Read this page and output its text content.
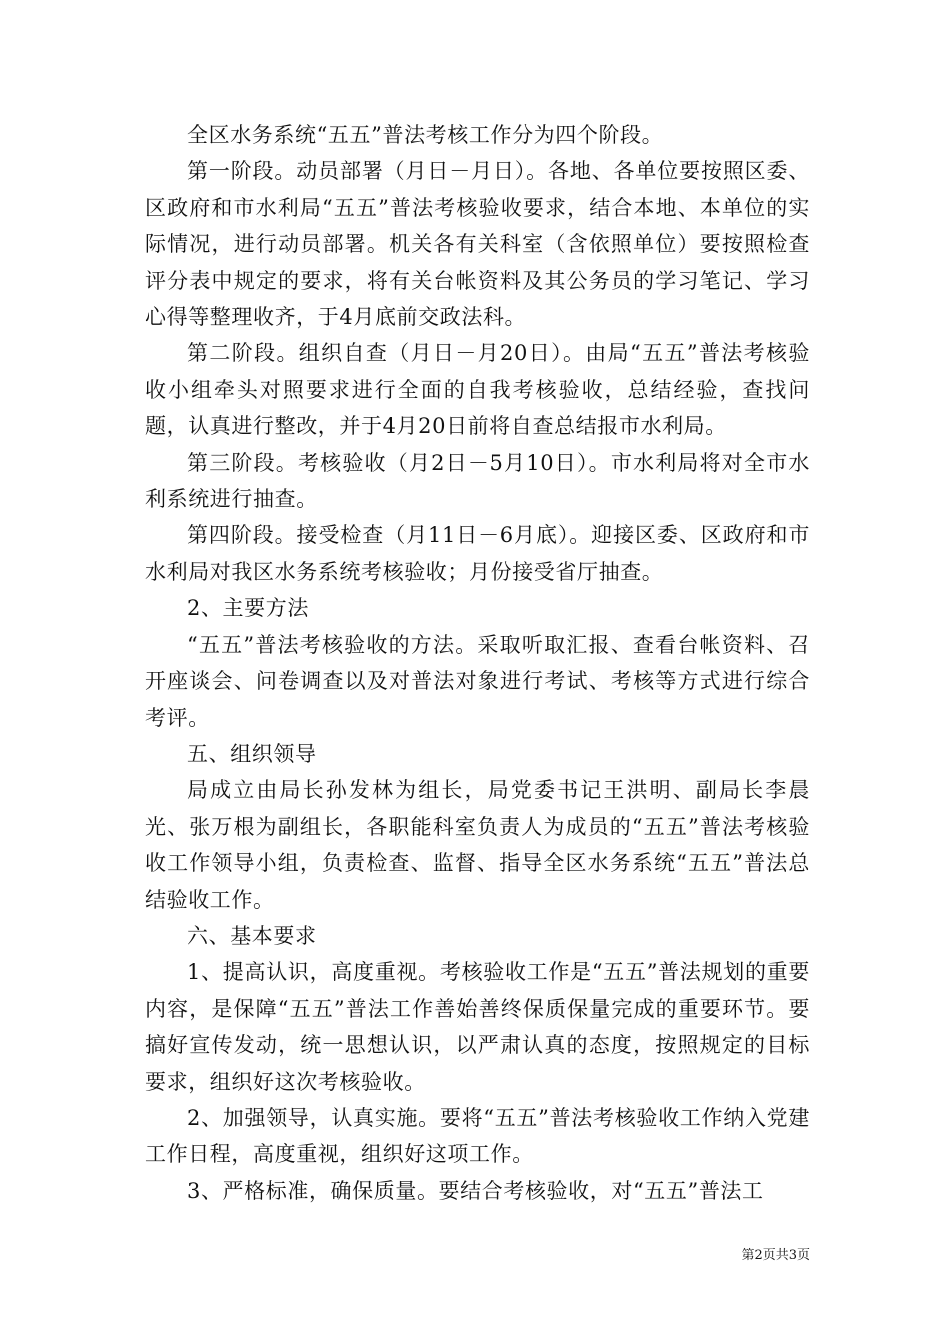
全区水务系统“五五”普法考核工作分为四个阶段。

第一阶段。动员部署（月日－月日）。各地、各单位要按照区委、区政府和市水利局“五五”普法考核验收要求，结合本地、本单位的实际情况，进行动员部署。机关各有关科室（含依照单位）要按照检查评分表中规定的要求，将有关台帐资料及其公务员的学习笔记、学习心得等整理收齐，于4月底前交政法科。

第二阶段。组织自查（月日－月20日）。由局“五五”普法考核验收小组牵头对照要求进行全面的自我考核验收，总结经验，查找问题，认真进行整改，并于4月20日前将自查总结报市水利局。

第三阶段。考核验收（月2日－5月10日）。市水利局将对全市水利系统进行抽查。

第四阶段。接受检查（月11日－6月底）。迎接区委、区政府和市水利局对我区水务系统考核验收；月份接受省厅抽查。

2、主要方法

“五五”普法考核验收的方法。采取听取汇报、查看台帐资料、召开座谈会、问卷调查以及对普法对象进行考试、考核等方式进行综合考评。

五、组织领导

局成立由局长孙发林为组长，局党委书记王洪明、副局长李晨光、张万根为副组长，各职能科室负责人为成员的“五五”普法考核验收工作领导小组，负责检查、监督、指导全区水务系统“五五”普法总结验收工作。

六、基本要求

1、提高认识，高度重视。考核验收工作是“五五”普法规划的重要内容，是保障“五五”普法工作善始善终保质保量完成的重要环节。要搞好宣传发动，统一思想认识，以严肃认真的态度，按照规定的目标要求，组织好这次考核验收。

2、加强领导，认真实施。要将“五五”普法考核验收工作纳入党建工作日程，高度重视，组织好这项工作。

3、严格标准，确保质量。要结合考核验收，对“五五”普法工

第2页共3页
